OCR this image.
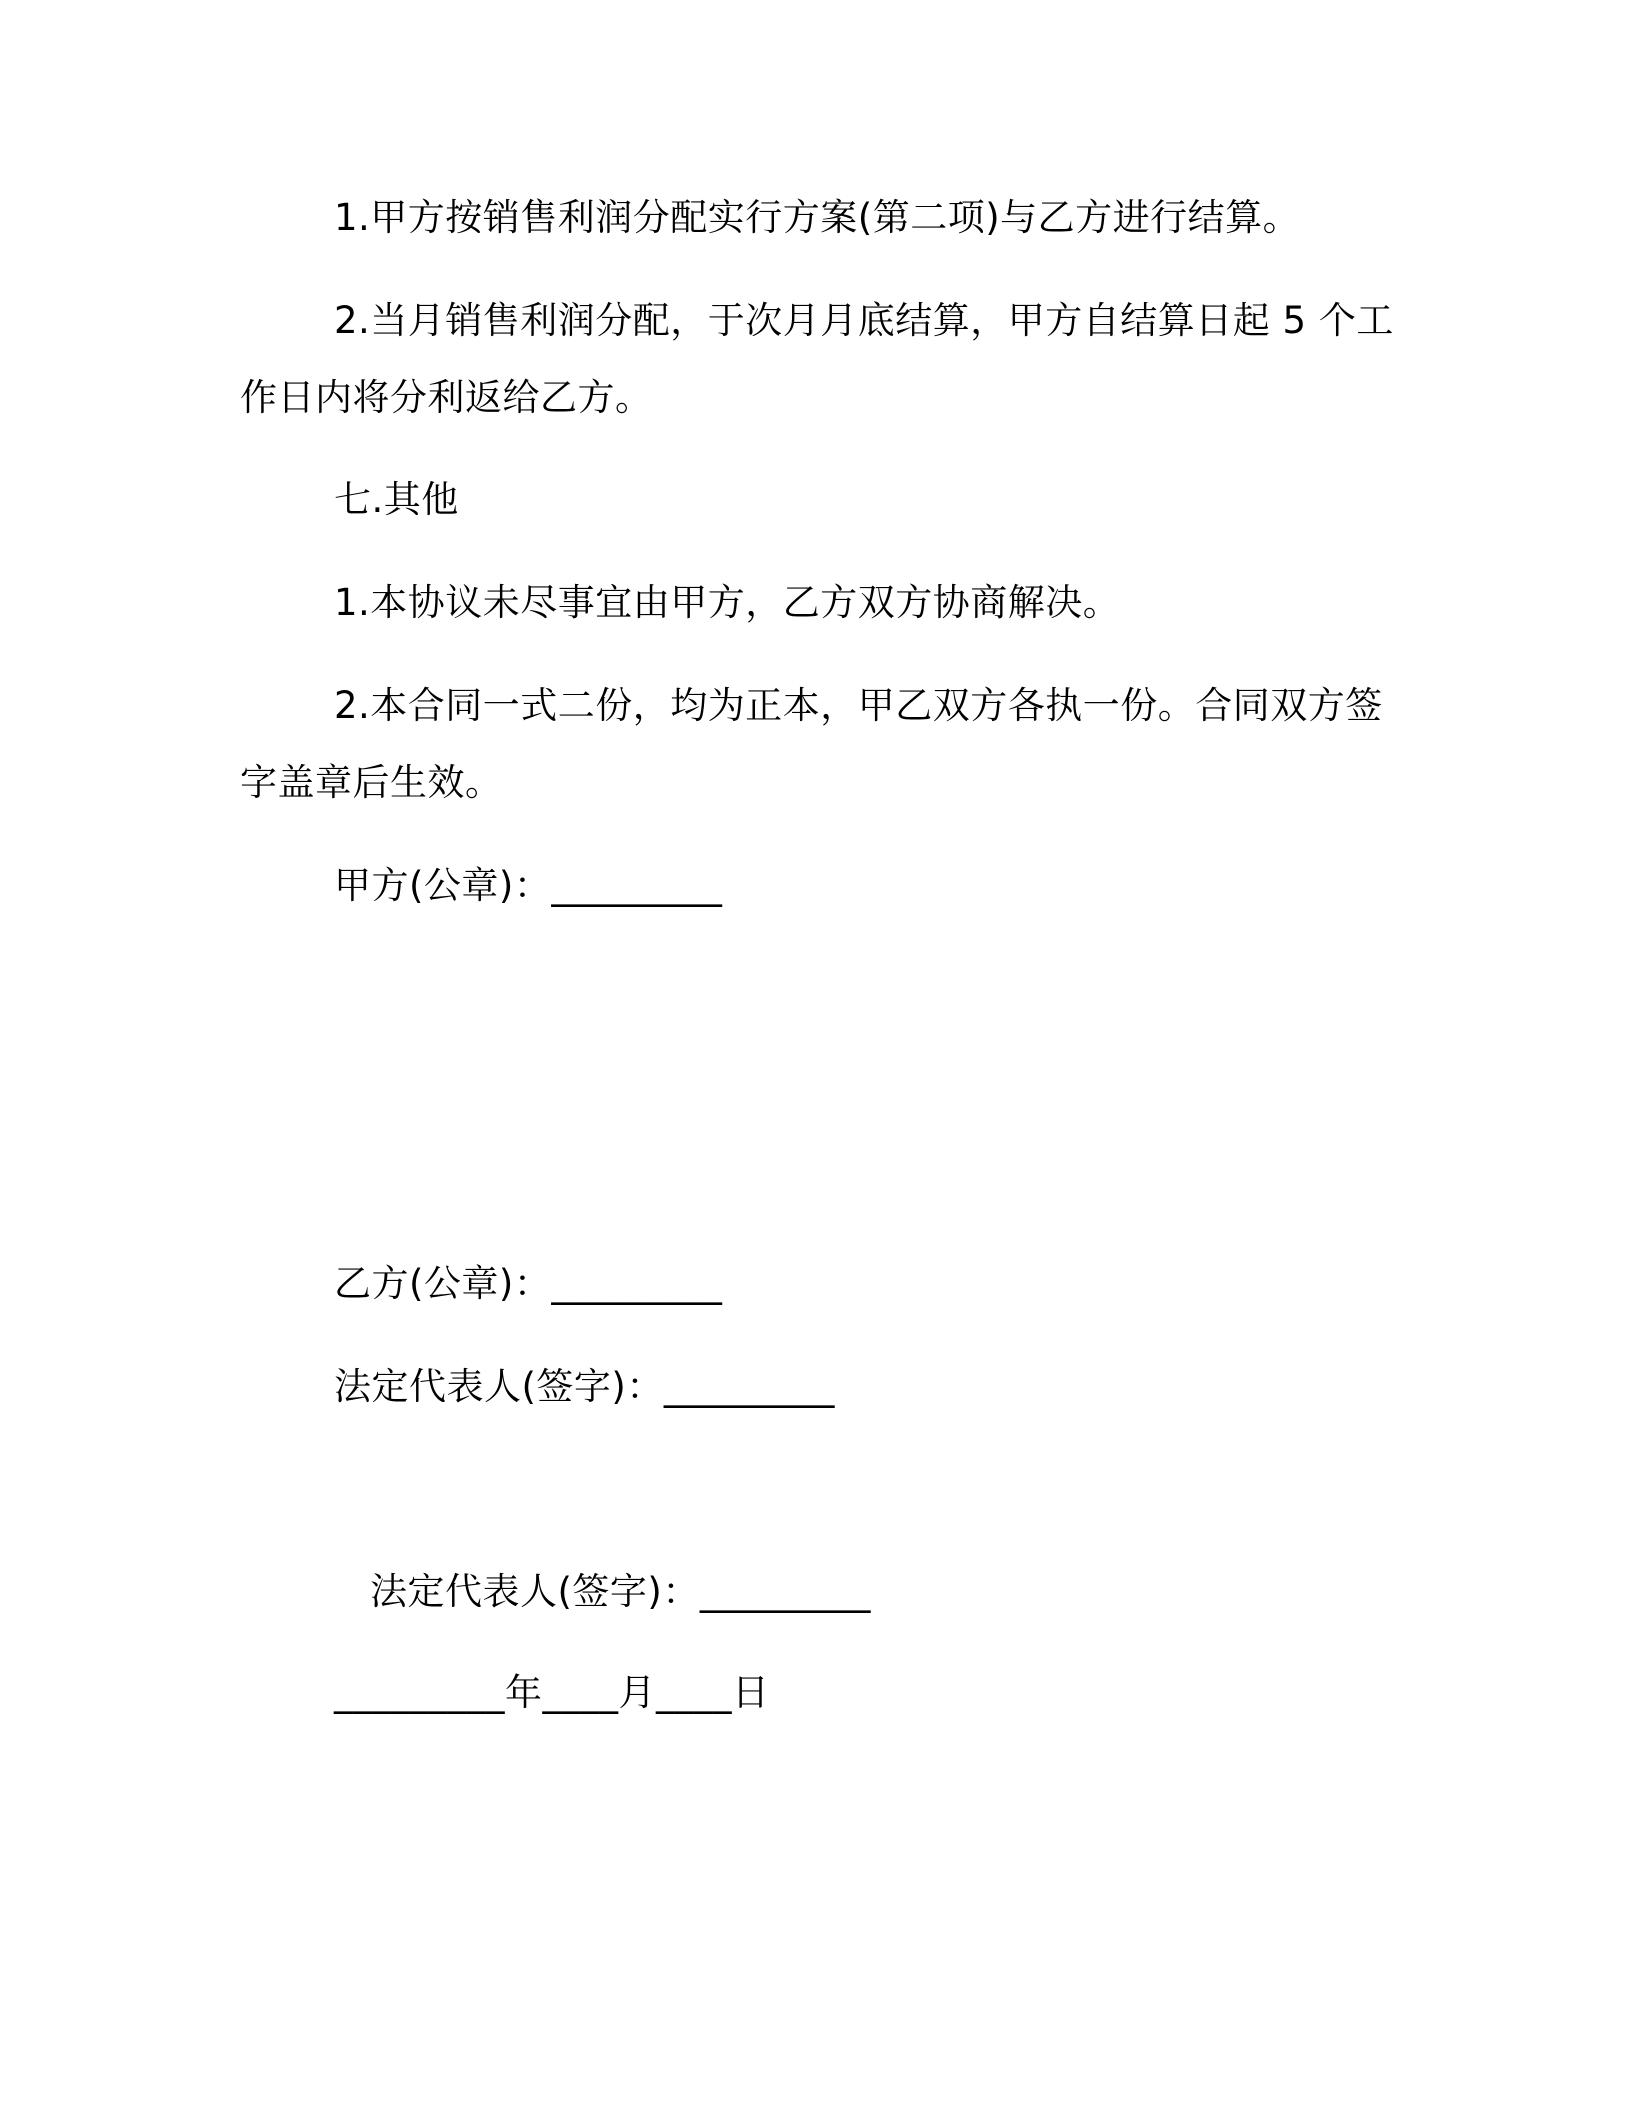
1.甲方按销售利润分配实行方案(第二项)与乙方进行结算。
2.当月销售利润分配，于次月月底结算，甲方自结算日起 5 个工
作日内将分利返给乙方。
七.其他
1.本协议未尽事宜由甲方，乙方双方协商解决。
2.本合同一式二份，均为正本，甲乙双方各执一份。合同双方签
字盖章后生效。
甲方(公章)：_________
乙方(公章)：_________
法定代表人(签字)：_________
法定代表人(签字)：_________
_________年____月____日
